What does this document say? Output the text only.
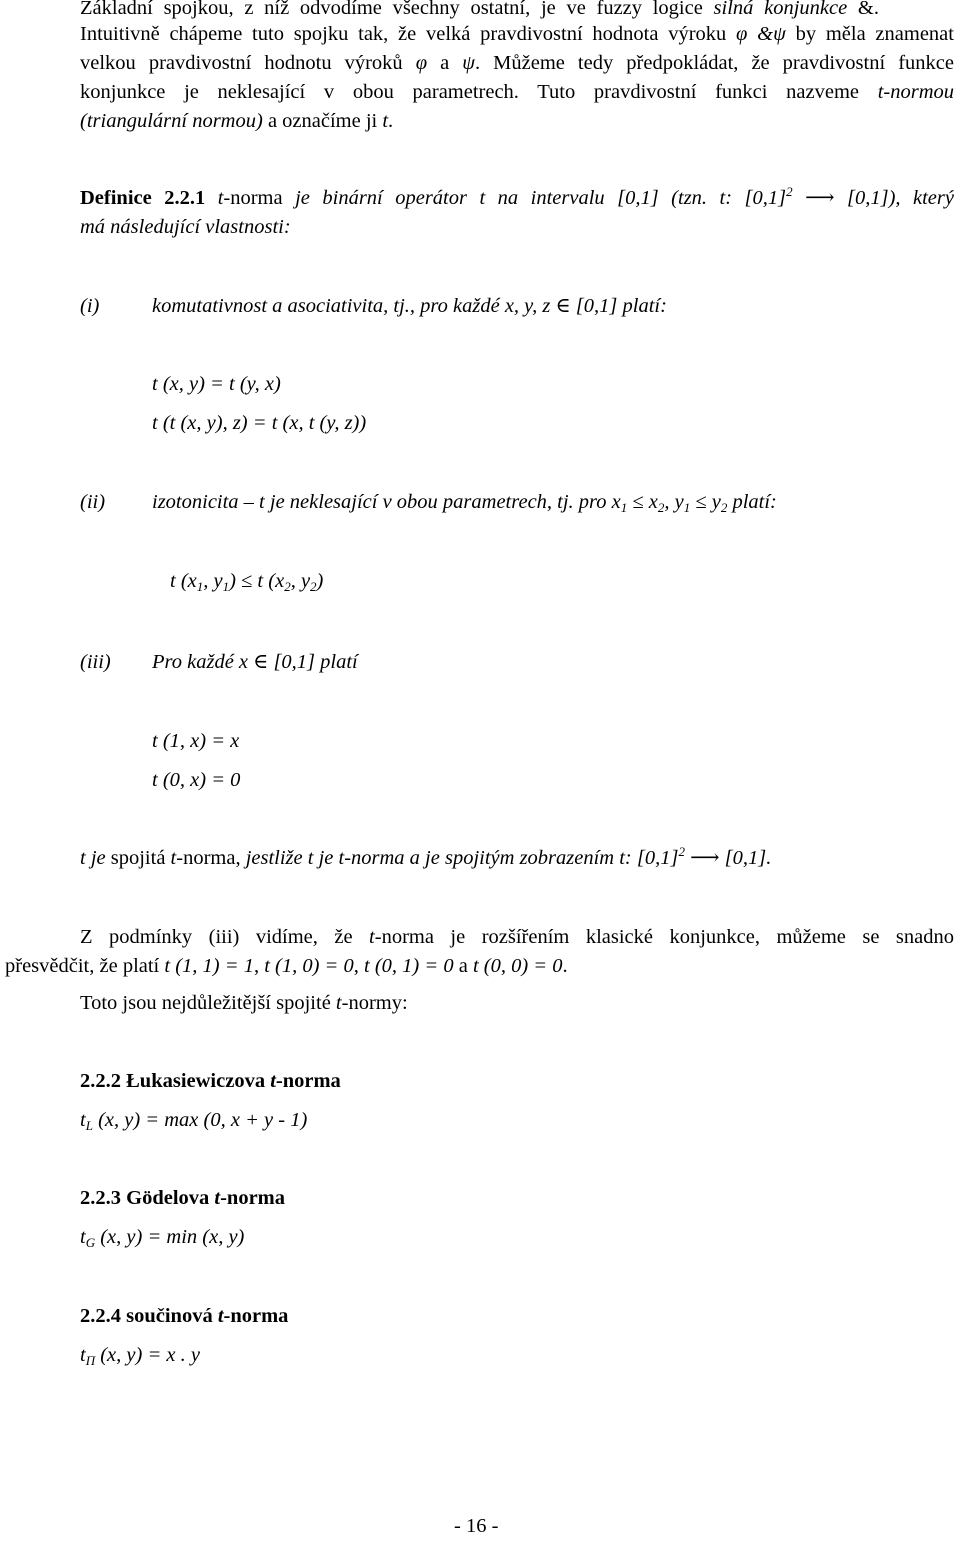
Základní spojkou, z níž odvodíme všechny ostatní, je ve fuzzy logice silná konjunkce &.
Intuitivně chápeme tuto spojku tak, že velká pravdivostní hodnota výroku φ &ψ by měla znamenat
velkou pravdivostní hodnotu výroků φ a ψ. Můžeme tedy předpokládat, že pravdivostní funkce
konjunkce je neklesající v obou parametrech. Tuto pravdivostní funkci nazveme t-normou
(triangulární normou) a označíme ji t.
Definice 2.2.1 t-norma je binární operátor t na intervalu [0,1] (tzn. t: $[0,1]^2$ ⟶ [0,1]), který
má následující vlastnosti:
(i)	komutativnost a asociativita, tj., pro každé x, y, z ∈ [0,1] platí:
t (x, y) = t (y, x)
t (t (x, y), z) = t (x, t (y, z))
(ii) izotonicita – t je neklesající v obou parametrech, tj. pro $x_1 \le x_2$, $y_1 \le y_2$ platí:
t ($x_1$, $y_1) \le t$ ($x_2$, $y_2$)
(iii) Pro každé x ∈ [0,1] platí
t (1, x) = x
t (0, x) = 0
t je spojitá t-norma, jestliže t je t-norma a je spojitým zobrazením t: $[0,1]^2$ ⟶ [0,1].
Z podmínky (iii) vidíme, že t-norma je rozšířením klasické konjunkce, můžeme se snadno
přesvědčit, že platí t (1, 1) = 1, t (1, 0) = 0, t (0, 1) = 0 a t (0, 0) = 0.
Toto jsou nejdůležitější spojité t-normy:
2.2.2 Łukasiewiczova t-norma
$t_L$ (x, y) = max (0, x + y - 1)
2.2.3 Gödelova t-norma
$t_G$ (x, y) = min (x, y)
2.2.4 součinová t-norma
$t_\Pi$ (x, y) = x . y
- 16 -
